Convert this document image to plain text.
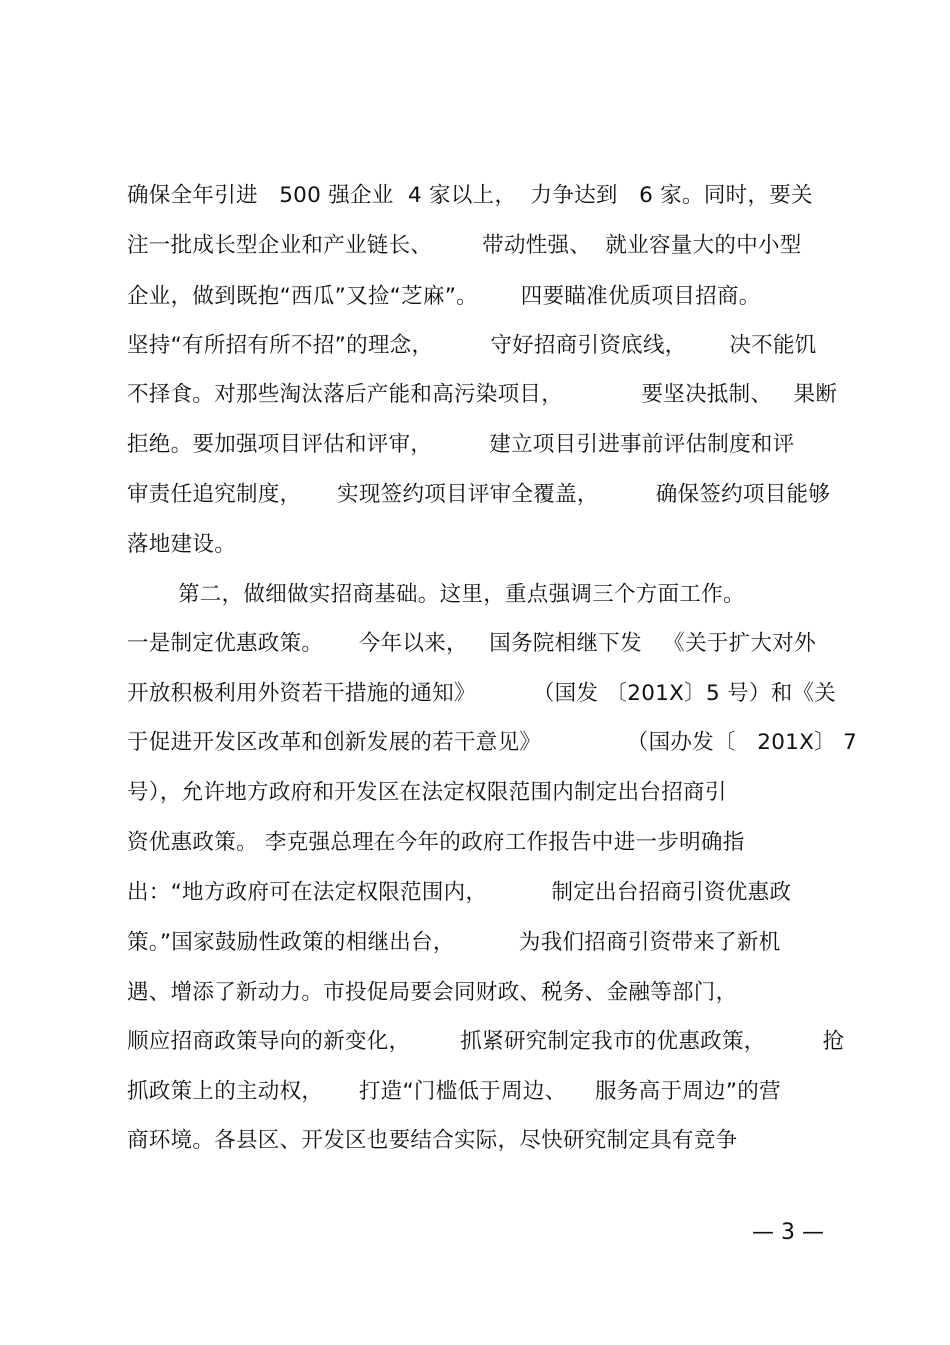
确保全年引进   500 强企业  4 家以上，  力争达到   6 家。同时，要关
注一批成长型企业和产业链长、       带动性强、  就业容量大的中小型
企业，做到既抱“西瓜”又捡“芝麻”。      四要瞄准优质项目招商。
坚持“有所招有所不招”的理念，        守好招商引资底线，      决不能饥
不择食。对那些淘汰落后产能和高污染项目，           要坚决抵制、   果断
拒绝。要加强项目评估和评审，        建立项目引进事前评估制度和评
审责任追究制度，     实现签约项目评审全覆盖，        确保签约项目能够
落地建设。
第二，做细做实招商基础。这里，重点强调三个方面工作。
一是制定优惠政策。     今年以来，   国务院相继下发   《关于扩大对外
开放积极利用外资若干措施的通知》        （国发 〔201X〕5 号）和《关
于促进开发区改革和创新发展的若干意见》            （国办发〔   201X〕 7
号），允许地方政府和开发区在法定权限范围内制定出台招商引
资优惠政策。 李克强总理在今年的政府工作报告中进一步明确指
出：“地方政府可在法定权限范围内，         制定出台招商引资优惠政
策。”国家鼓励性政策的相继出台，         为我们招商引资带来了新机
遇、增添了新动力。市投促局要会同财政、税务、金融等部门，
顺应招商政策导向的新变化，       抓紧研究制定我市的优惠政策，        抢
抓政策上的主动权，     打造“门槛低于周边、    服务高于周边”的营
商环境。各县区、开发区也要结合实际，尽快研究制定具有竞争
— 3 —
